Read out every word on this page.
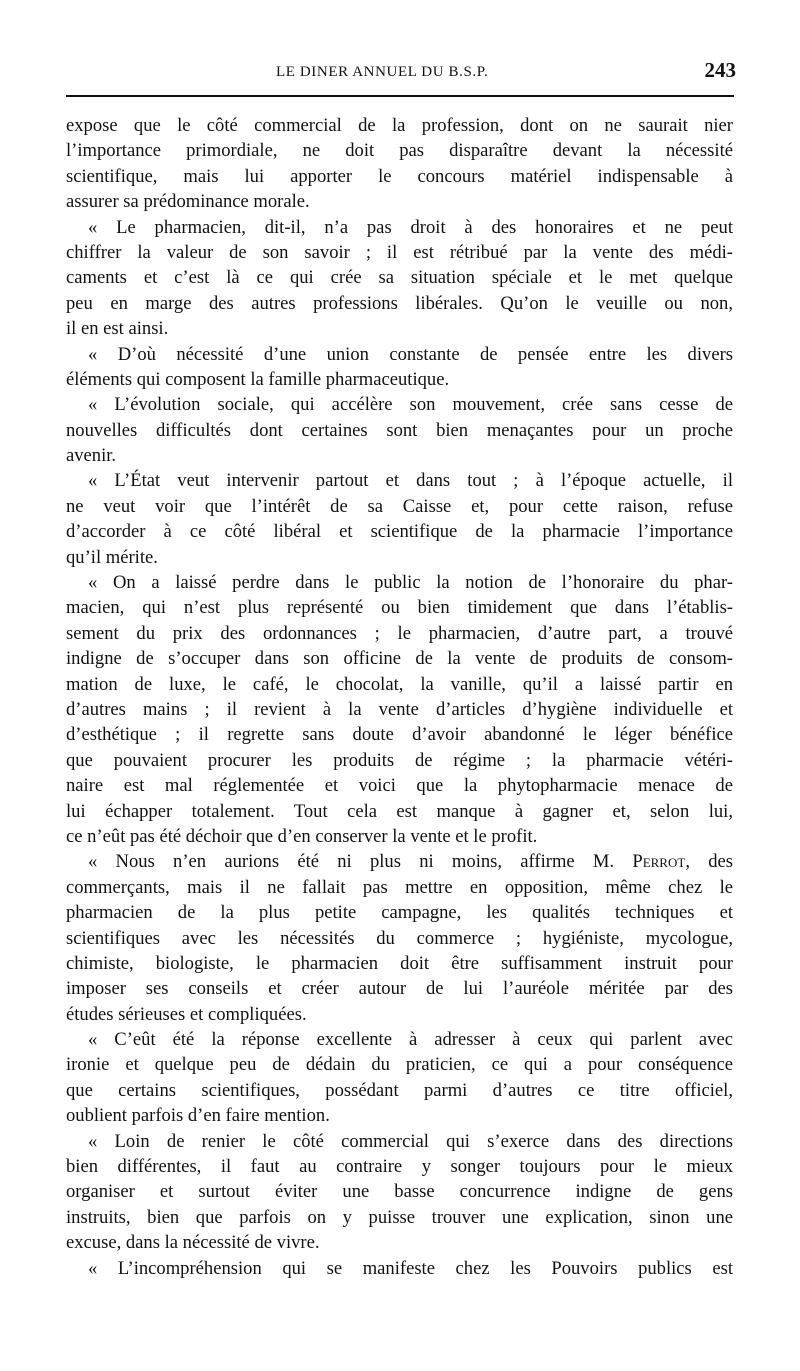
LE DINER ANNUEL DU B.S.P.	243
expose que le côté commercial de la profession, dont on ne saurait nier
l’importance primordiale, ne doit pas disparaître devant la nécessité
scientifique, mais lui apporter le concours matériel indispensable à
assurer sa prédominance morale.
« Le pharmacien, dit-il, n’a pas droit à des honoraires et ne peut
chiffrer la valeur de son savoir ; il est rétribué par la vente des médi-
caments et c’est là ce qui crée sa situation spéciale et le met quelque
peu en marge des autres professions libérales. Qu’on le veuille ou non,
il en est ainsi.
« D’où nécessité d’une union constante de pensée entre les divers
éléments qui composent la famille pharmaceutique.
« L’évolution sociale, qui accélère son mouvement, crée sans cesse de
nouvelles difficultés dont certaines sont bien menaçantes pour un proche
avenir.
« L’État veut intervenir partout et dans tout ; à l’époque actuelle, il
ne veut voir que l’intérêt de sa Caisse et, pour cette raison, refuse
d’accorder à ce côté libéral et scientifique de la pharmacie l’importance
qu’il mérite.
« On a laissé perdre dans le public la notion de l’honoraire du phar-
macien, qui n’est plus représenté ou bien timidement que dans l’établis-
sement du prix des ordonnances ; le pharmacien, d’autre part, a trouvé
indigne de s’occuper dans son officine de la vente de produits de consom-
mation de luxe, le café, le chocolat, la vanille, qu’il a laissé partir en
d’autres mains ; il revient à la vente d’articles d’hygiène individuelle et
d’esthétique ; il regrette sans doute d’avoir abandonné le léger bénéfice
que pouvaient procurer les produits de régime ; la pharmacie vétéri-
naire est mal réglementée et voici que la phytopharmacie menace de
lui échapper totalement. Tout cela est manque à gagner et, selon lui,
ce n’eût pas été déchoir que d’en conserver la vente et le profit.
« Nous n’en aurions été ni plus ni moins, affirme M. Perrot, des
commerçants, mais il ne fallait pas mettre en opposition, même chez le
pharmacien de la plus petite campagne, les qualités techniques et
scientifiques avec les nécessités du commerce ; hygiéniste, mycologue,
chimiste, biologiste, le pharmacien doit être suffisamment instruit pour
imposer ses conseils et créer autour de lui l’auréole méritée par des
études sérieuses et compliquées.
« C’eût été la réponse excellente à adresser à ceux qui parlent avec
ironie et quelque peu de dédain du praticien, ce qui a pour conséquence
que certains scientifiques, possédant parmi d’autres ce titre officiel,
oublient parfois d’en faire mention.
« Loin de renier le côté commercial qui s’exerce dans des directions
bien différentes, il faut au contraire y songer toujours pour le mieux
organiser et surtout éviter une basse concurrence indigne de gens
instruits, bien que parfois on y puisse trouver une explication, sinon une
excuse, dans la nécessité de vivre.
« L’incompréhension qui se manifeste chez les Pouvoirs publics est
